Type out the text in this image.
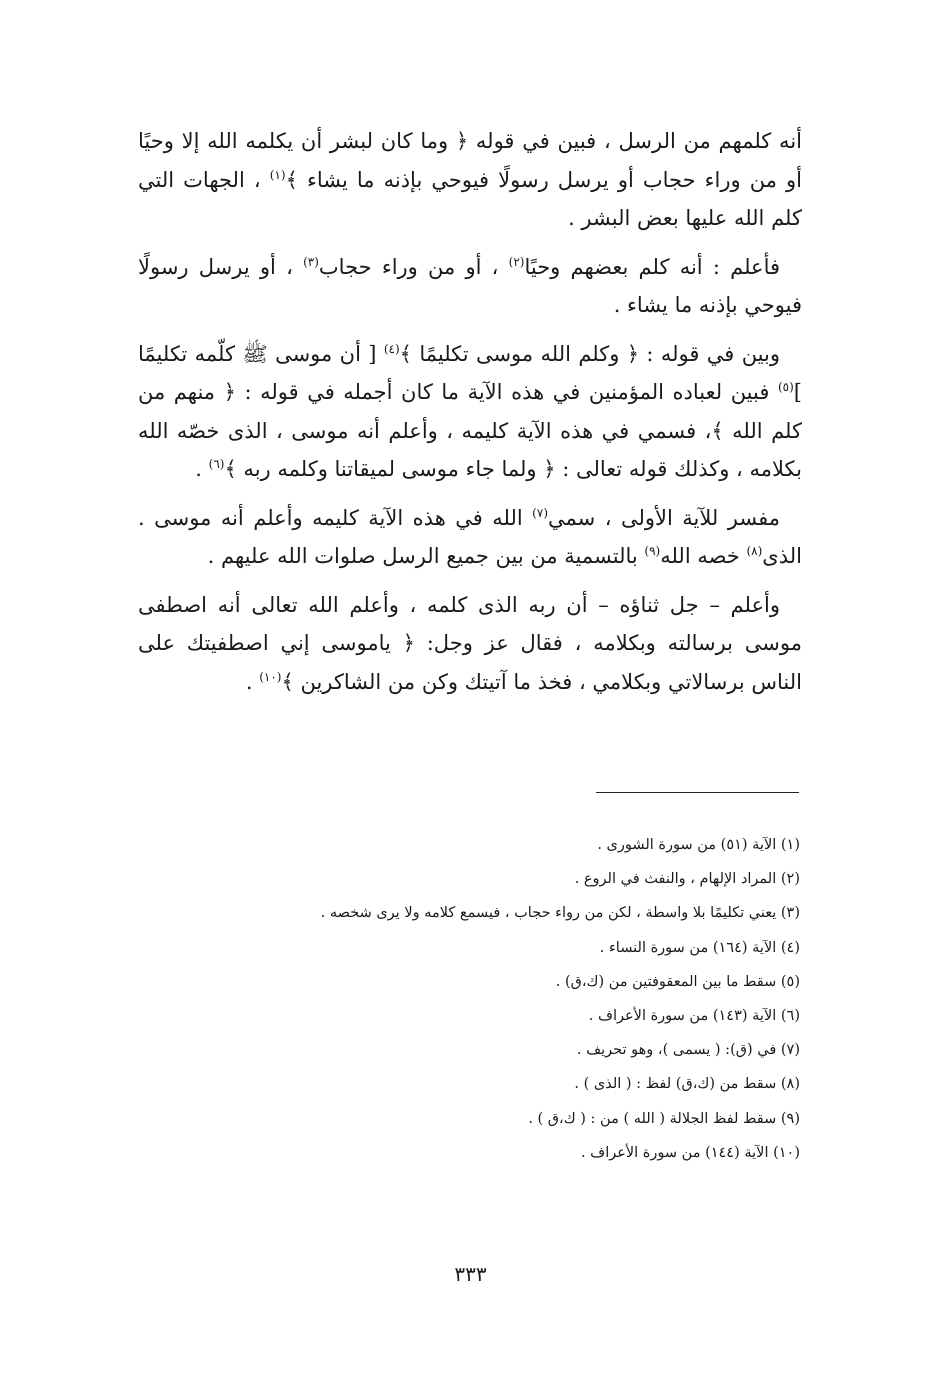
أنه كلمهم من الرسل ، فبين في قوله ﴿ وما كان لبشر أن يكلمه الله إلا وحيًا أو من وراء حجاب أو يرسل رسولًا فيوحي بإذنه ما يشاء ﴾$^{(١)}$ ، الجهات التي كلم الله عليها بعض البشر .

فأعلم : أنه كلم بعضهم وحيًا$^{(٢)}$ ، أو من وراء حجاب$^{(٣)}$ ، أو يرسل رسولًا فيوحي بإذنه ما يشاء .

وبين في قوله : ﴿ وكلم الله موسى تكليمًا ﴾$^{(٤)}$ [ أن موسى ﷺ كلّمه تكليمًا ]$^{(٥)}$ فبين لعباده المؤمنين في هذه الآية ما كان أجمله في قوله : ﴿ منهم من كلم الله ﴾، فسمي في هذه الآية كليمه ، وأعلم أنه موسى ، الذى خصّه الله بكلامه ، وكذلك قوله تعالى : ﴿ ولما جاء موسى لميقاتنا وكلمه ربه ﴾$^{(٦)}$ .

مفسر للآية الأولى ، سمي$^{(٧)}$ الله في هذه الآية كليمه وأعلم أنه موسى . الذى$^{(٨)}$ خصه الله$^{(٩)}$ بالتسمية من بين جميع الرسل صلوات الله عليهم .

وأعلم – جل ثناؤه – أن ربه الذى كلمه ، وأعلم الله تعالى أنه اصطفى موسى برسالته وبكلامه ، فقال عز وجل: ﴿ ياموسى إني اصطفيتك على الناس برسالاتي وبكلامي ، فخذ ما آتيتك وكن من الشاكرين ﴾$^{(١٠)}$ .

(١) الآية (٥١) من سورة الشورى .

(٢) المراد الإلهام ، والنفث في الروع .

(٣) يعني تكليمًا بلا واسطة ، لكن من رواء حجاب ، فيسمع كلامه ولا يرى شخصه .

(٤) الآية (١٦٤) من سورة النساء .

(٥) سقط ما بين المعقوفتين من (ك،ق) .

(٦) الآية (١٤٣) من سورة الأعراف .

(٧) في (ق): ( يسمى )، وهو تحريف .

(٨) سقط من (ك،ق) لفظ : ( الذى ) .

(٩) سقط لفظ الجلالة ( الله ) من : ( ك،ق ) .

(١٠) الآية (١٤٤) من سورة الأعراف .

٣٣٣
